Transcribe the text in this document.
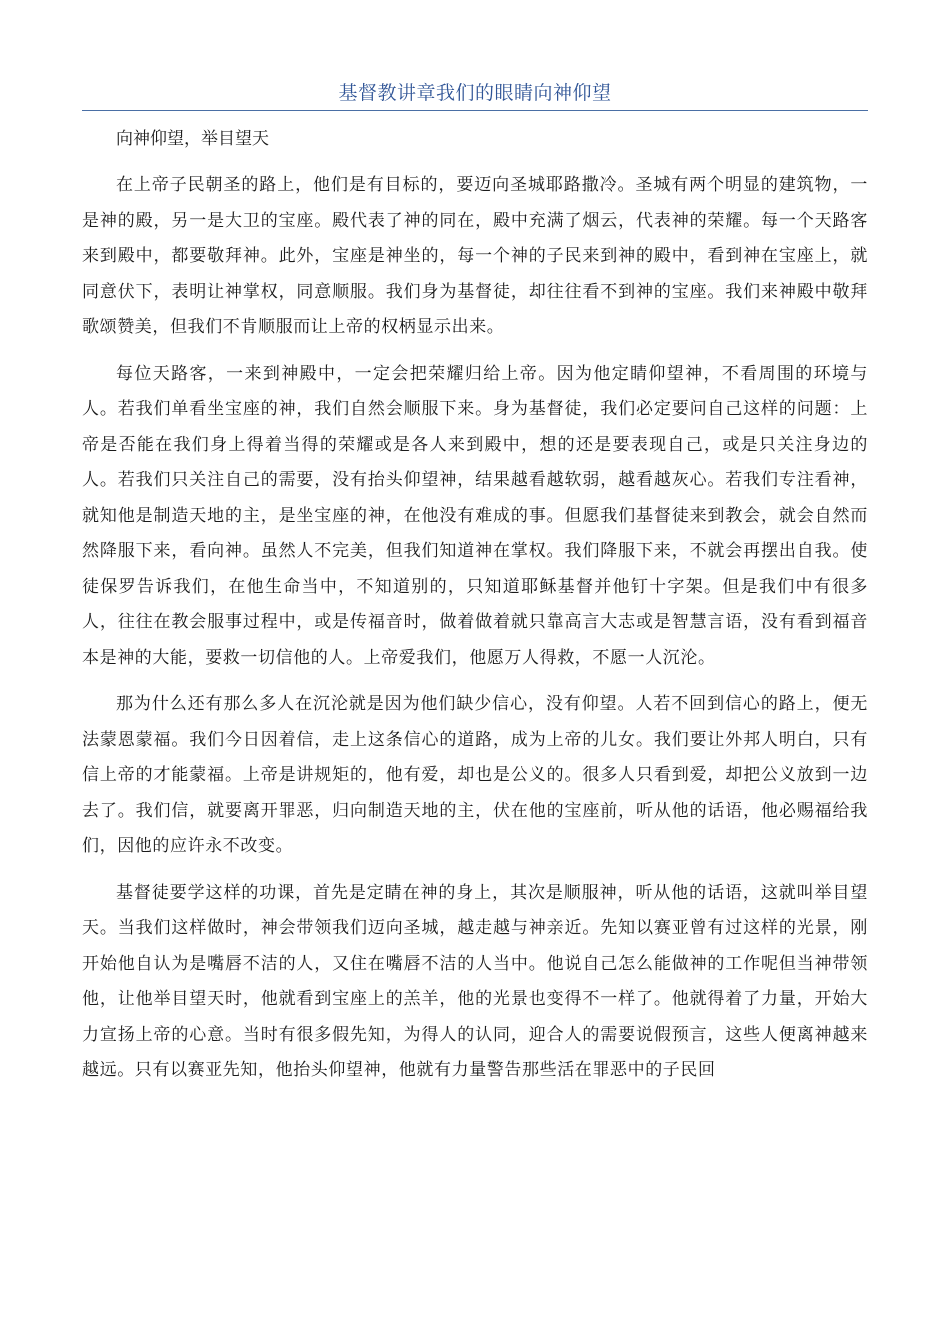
基督教讲章我们的眼睛向神仰望

向神仰望，举目望天

在上帝子民朝圣的路上，他们是有目标的，要迈向圣城耶路撒冷。圣城有两个明显的建筑物，一是神的殿，另一是大卫的宝座。殿代表了神的同在，殿中充满了烟云，代表神的荣耀。每一个天路客来到殿中，都要敬拜神。此外，宝座是神坐的，每一个神的子民来到神的殿中，看到神在宝座上，就同意伏下，表明让神掌权，同意顺服。我们身为基督徒，却往往看不到神的宝座。我们来神殿中敬拜歌颂赞美，但我们不肯顺服而让上帝的权柄显示出来。

每位天路客，一来到神殿中，一定会把荣耀归给上帝。因为他定睛仰望神，不看周围的环境与人。若我们单看坐宝座的神，我们自然会顺服下来。身为基督徒，我们必定要问自己这样的问题：上帝是否能在我们身上得着当得的荣耀或是各人来到殿中，想的还是要表现自己，或是只关注身边的人。若我们只关注自己的需要，没有抬头仰望神，结果越看越软弱，越看越灰心。若我们专注看神，就知他是制造天地的主，是坐宝座的神，在他没有难成的事。但愿我们基督徒来到教会，就会自然而然降服下来，看向神。虽然人不完美，但我们知道神在掌权。我们降服下来，不就会再摆出自我。使徒保罗告诉我们，在他生命当中，不知道别的，只知道耶稣基督并他钉十字架。但是我们中有很多人，往往在教会服事过程中，或是传福音时，做着做着就只靠高言大志或是智慧言语，没有看到福音本是神的大能，要救一切信他的人。上帝爱我们，他愿万人得救，不愿一人沉沦。

那为什么还有那么多人在沉沦就是因为他们缺少信心，没有仰望。人若不回到信心的路上，便无法蒙恩蒙福。我们今日因着信，走上这条信心的道路，成为上帝的儿女。我们要让外邦人明白，只有信上帝的才能蒙福。上帝是讲规矩的，他有爱，却也是公义的。很多人只看到爱，却把公义放到一边去了。我们信，就要离开罪恶，归向制造天地的主，伏在他的宝座前，听从他的话语，他必赐福给我们，因他的应许永不改变。

基督徒要学这样的功课，首先是定睛在神的身上，其次是顺服神，听从他的话语，这就叫举目望天。当我们这样做时，神会带领我们迈向圣城，越走越与神亲近。先知以赛亚曾有过这样的光景，刚开始他自认为是嘴唇不洁的人，又住在嘴唇不洁的人当中。他说自己怎么能做神的工作呢但当神带领他，让他举目望天时，他就看到宝座上的羔羊，他的光景也变得不一样了。他就得着了力量，开始大力宣扬上帝的心意。当时有很多假先知，为得人的认同，迎合人的需要说假预言，这些人便离神越来越远。只有以赛亚先知，他抬头仰望神，他就有力量警告那些活在罪恶中的子民回
